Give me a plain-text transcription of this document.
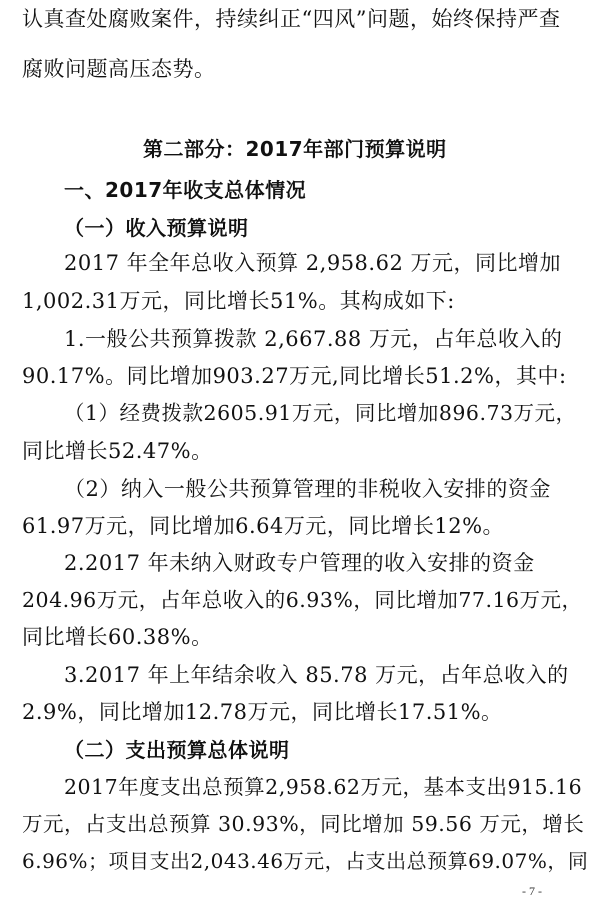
认真查处腐败案件，持续纠正“四风”问题，始终保持严查
腐败问题高压态势。
第二部分：2017年部门预算说明
一、2017年收支总体情况
（一）收入预算说明
2017 年全年总收入预算 2,958.62 万元，同比增加
1,002.31万元，同比增长51%。其构成如下:
1.一般公共预算拨款 2,667.88 万元，占年总收入的
90.17%。同比增加903.27万元,同比增长51.2%，其中:
（1）经费拨款2605.91万元，同比增加896.73万元，
同比增长52.47%。
（2）纳入一般公共预算管理的非税收入安排的资金
61.97万元，同比增加6.64万元，同比增长12%。
2.2017 年未纳入财政专户管理的收入安排的资金
204.96万元，占年总收入的6.93%，同比增加77.16万元，
同比增长60.38%。
3.2017 年上年结余收入 85.78 万元，占年总收入的
2.9%，同比增加12.78万元，同比增长17.51%。
（二）支出预算总体说明
2017年度支出总预算2,958.62万元，基本支出915.16
万元，占支出总预算 30.93%，同比增加 59.56 万元，增长
6.96%；项目支出2,043.46万元，占支出总预算69.07%，同
- 7 -
